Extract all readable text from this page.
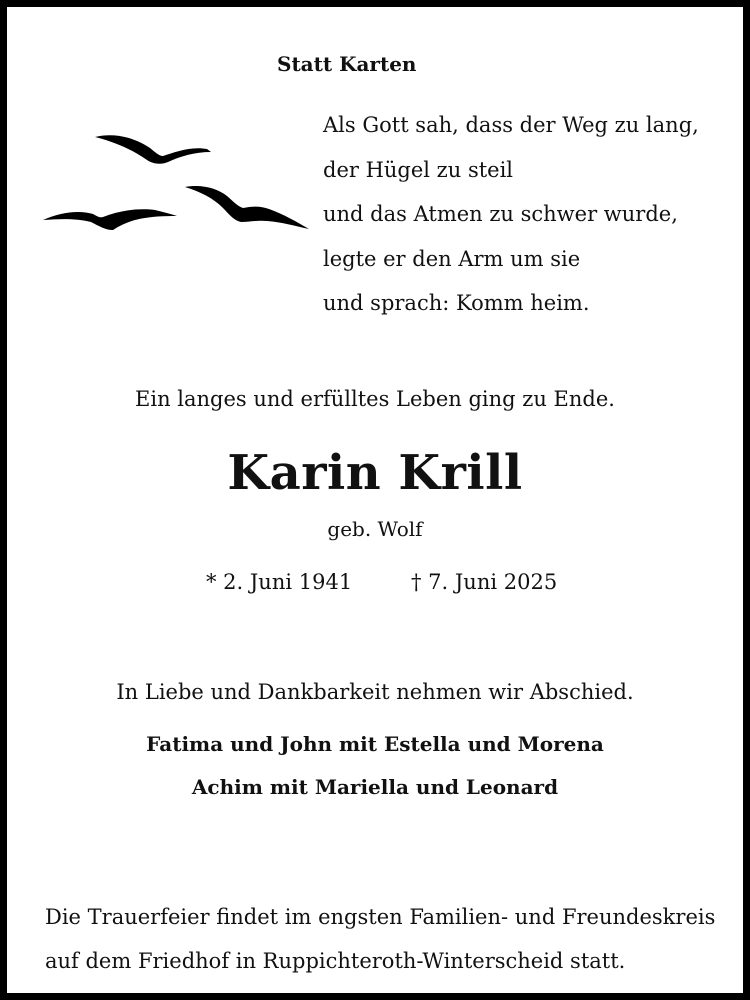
Statt Karten
Als Gott sah, dass der Weg zu lang,
der Hügel zu steil
und das Atmen zu schwer wurde,
legte er den Arm um sie
und sprach: Komm heim.
Ein langes und erfülltes Leben ging zu Ende.
Karin Krill
geb. Wolf
* 2. Juni 1941	† 7. Juni 2025
In Liebe und Dankbarkeit nehmen wir Abschied.
Fatima und John mit Estella und Morena
Achim mit Mariella und Leonard
Die Trauerfeier findet im engsten Familien- und Freundeskreis
auf dem Friedhof in Ruppichteroth-Winterscheid statt.
